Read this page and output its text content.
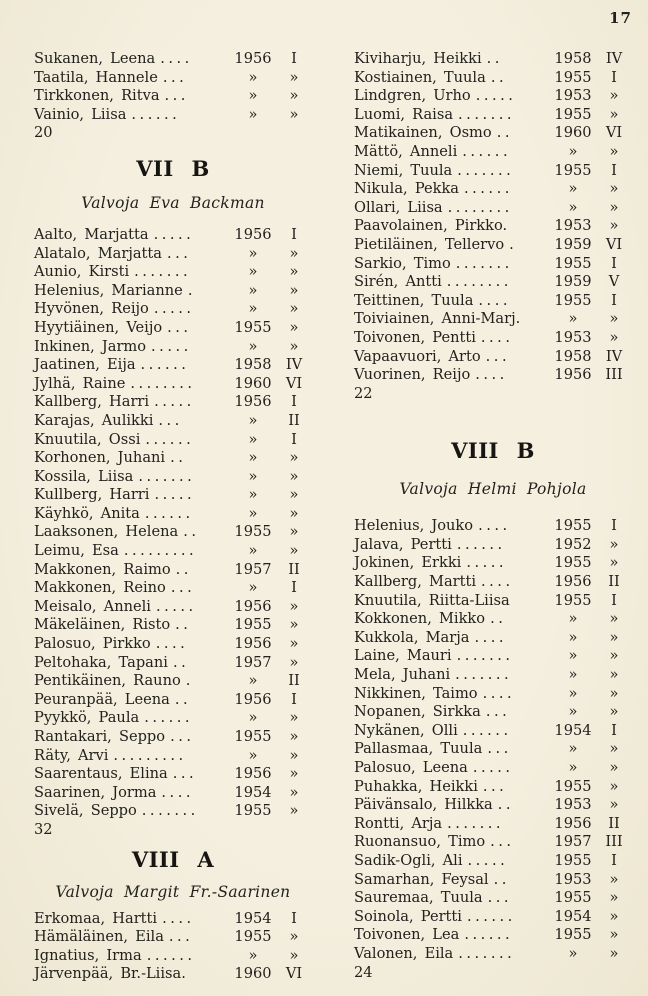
17
Sukanen, Leena ....	1956	I
Taatila, Hannele ...	»	»
Tirkkonen, Ritva ...	»	»
Vainio, Liisa ......	»	»
20
VII B
Valvoja Eva Backman
Aalto, Marjatta .....	1956	I
Alatalo, Marjatta ...	»	»
Aunio, Kirsti .......	»	»
Helenius, Marianne .	»	»
Hyvönen, Reijo .....	»	»
Hyytiäinen, Veijo ...	1955	»
Inkinen, Jarmo .....	»	»
Jaatinen, Eija ......	1958 IV
Jylhä, Raine ........	1960 VI
Kallberg, Harri .....	1956	I
Karajas, Aulikki ...	»	II
Knuutila, Ossi ......	»	I
Korhonen, Juhani ..	»	»
Kossila, Liisa .......	»	»
Kullberg, Harri .....	»	»
Käyhkö, Anita ......	»	»
Laaksonen, Helena ..	1955	»
Leimu, Esa .........	»	»
Makkonen, Raimo ..	1957	II
Makkonen, Reino ...	»	I
Meisalo, Anneli .....	1956	»
Mäkeläinen, Risto ..	1955	»
Palosuo, Pirkko ....	1956	»
Peltohaka, Tapani ..	1957	»
Pentikäinen, Rauno .	»	II
Peuranpää, Leena ..	1956	I
Pyykkö, Paula ......	»	»
Rantakari, Seppo ...	1955	»
Räty, Arvi .........	»	»
Saarentaus, Elina ...	1956	»
Saarinen, Jorma ....	1954	»
Sivelä, Seppo .......	1955	»
32
VIII A
Valvoja Margit Fr.-Saarinen
Erkomaa, Hartti ....	1954	I
Hämäläinen, Eila ...	1955	»
Ignatius, Irma ......	»	»
Järvenpää, Br.-Liisa.	1960 VI
Kiviharju, Heikki ..	1958 IV
Kostiainen, Tuula ..	1955	I
Lindgren, Urho .....	1953	»
Luomi, Raisa .......	1955	»
Matikainen, Osmo ..	1960 VI
Mättö, Anneli ......	»	»
Niemi, Tuula .......	1955	I
Nikula, Pekka ......	»	»
Ollari, Liisa ........	»	»
Paavolainen, Pirkko.	1953	»
Pietiläinen, Tellervo .	1959 VI
Sarkio, Timo .......	1955	I
Sirén, Antti ........	1959	V
Teittinen, Tuula ....	1955	I
Toiviainen, Anni-Marj.	»	»
Toivonen, Pentti ....	1953	»
Vapaavuori, Arto ...	1958 IV
Vuorinen, Reijo ....	1956 III
22
VIII B
Valvoja Helmi Pohjola
Helenius, Jouko ....	1955	I
Jalava, Pertti ......	1952	»
Jokinen, Erkki .....	1955	»
Kallberg, Martti ....	1956	II
Knuutila, Riitta-Liisa	1955	I
Kokkonen, Mikko ..	»	»
Kukkola, Marja ....	»	»
Laine, Mauri .......	»	»
Mela, Juhani .......	»	»
Nikkinen, Taimo ....	»	»
Nopanen, Sirkka ...	»	»
Nykänen, Olli ......	1954	I
Pallasmaa, Tuula ...	»	»
Palosuo, Leena .....	»	»
Puhakka, Heikki ...	1955	»
Päivänsalo, Hilkka ..	1953	»
Rontti, Arja .......	1956	II
Ruonansuo, Timo ...	1957 III
Sadik-Ogli, Ali .....	1955	I
Samarhan, Feysal ..	1953	»
Sauremaa, Tuula ...	1955	»
Soinola, Pertti ......	1954	»
Toivonen, Lea ......	1955	»
Valonen, Eila .......	»	»
24
